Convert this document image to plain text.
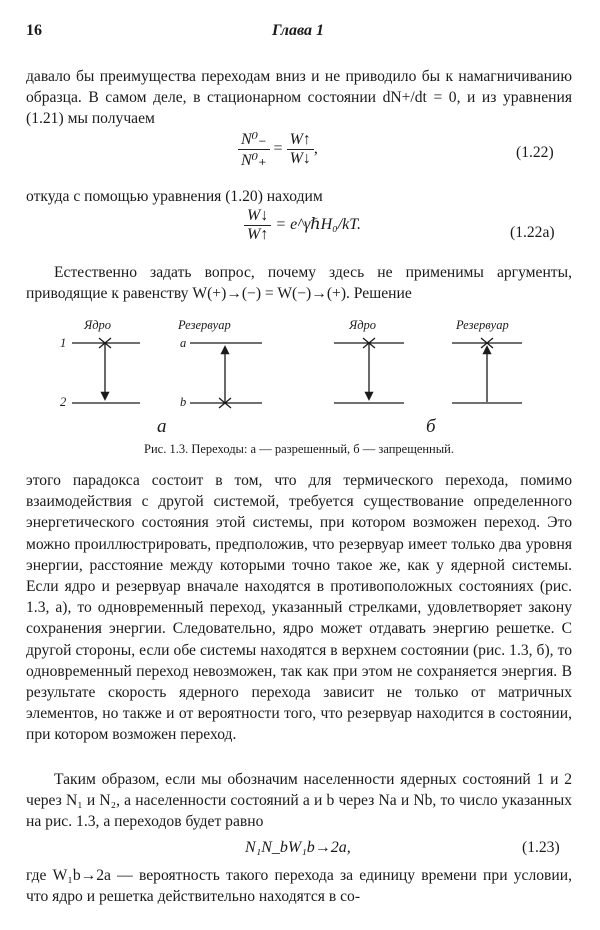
16	Глава 1

давало бы преимущества переходам вниз и не приводило бы к намагничиванию образца. В самом деле, в стационарном состоянии dN+/dt = 0, и из уравнения (1.21) мы получаем

$\frac{\text{N⁰₋}}{\text{N⁰₊}} = \frac{W↑}{W↓}$ ,	(1.22)

откуда с помощью уравнения (1.20) находим

$\frac{W↓}{W↑}$ = e^γℏH₀/kT.	(1.22a)

Естественно задать вопрос, почему здесь не применимы аргументы, приводящие к равенству W(+)→(−) = W(−)→(+). Решение

Ядро	Резервуар	Ядро	Резервуар
1
2
a
b
а	б
Рис. 1.3. Переходы: а — разрешенный, б — запрещенный.

этого парадокса состоит в том, что для термического перехода, помимо взаимодействия с другой системой, требуется существование определенного энергетического состояния этой системы, при котором возможен переход. Это можно проиллюстрировать, предположив, что резервуар имеет только два уровня энергии, расстояние между которыми точно такое же, как у ядерной системы. Если ядро и резервуар вначале находятся в противоположных состояниях (рис. 1.3, а), то одновременный переход, указанный стрелками, удовлетворяет закону сохранения энергии. Следовательно, ядро может отдавать энергию решетке. С другой стороны, если обе системы находятся в верхнем состоянии (рис. 1.3, б), то одновременный переход невозможен, так как при этом не сохраняется энергия. В результате скорость ядерного перехода зависит не только от матричных элементов, но также и от вероятности того, что резервуар находится в состоянии, при котором возможен переход.

Таким образом, если мы обозначим населенности ядерных состояний 1 и 2 через N₁ и N₂, а населенности состояний a и b через Na и Nb, то число указанных на рис. 1.3, а переходов будет равно

N₁N_bW₁b→2a,	(1.23)

где W₁b→2a — вероятность такого перехода за единицу времени при условии, что ядро и решетка действительно находятся в со-
